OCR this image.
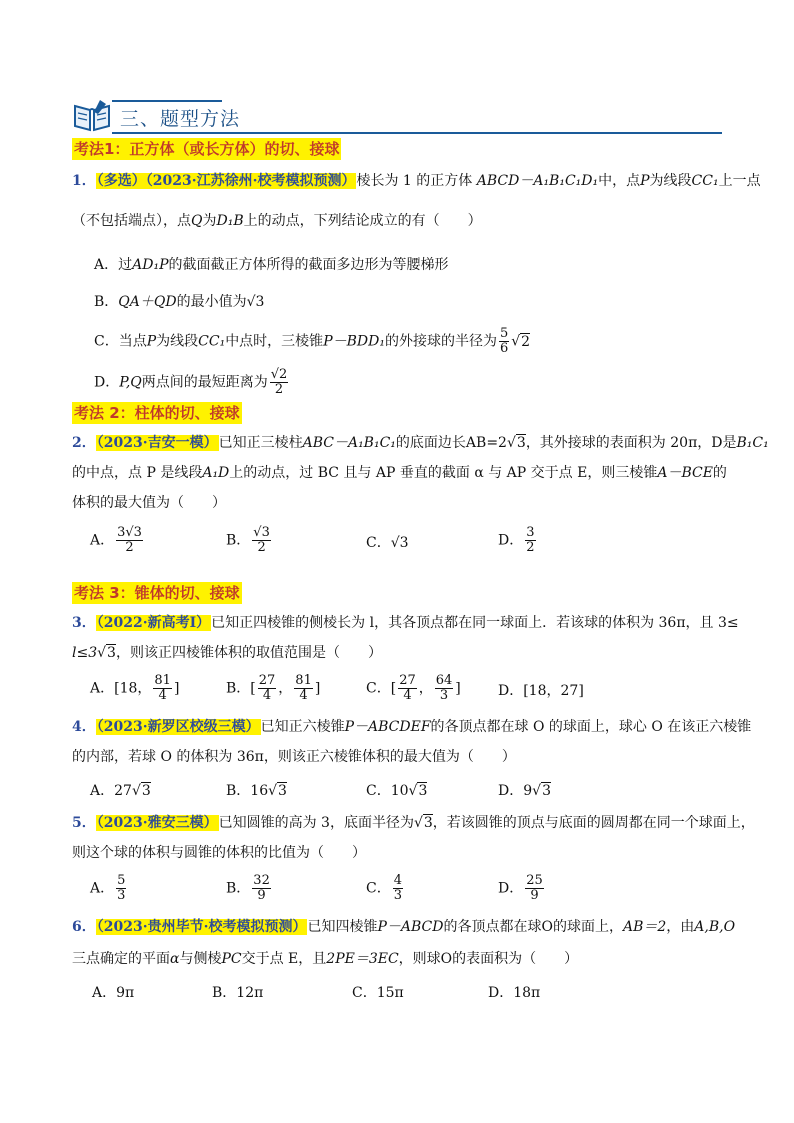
三、题型方法
考法1：正方体（或长方体）的切、接球
1．（多选）（2023·江苏徐州·校考模拟预测）棱长为 1 的正方体 ABCD－A₁B₁C₁D₁中，点P为线段CC₁上一点
（不包括端点），点Q为D₁B上的动点，下列结论成立的有（　　）
A．过AD₁P的截面截正方体所得的截面多边形为等腰梯形
B．QA＋QD的最小值为√3
C．当点P为线段CC₁中点时，三棱锥P－BDD₁的外接球的半径为 $\frac{5}{6} √2$
D．P,Q两点间的最短距离为 $\frac{√2}{2}$
考法 2：柱体的切、接球
2．（2023·吉安一模）已知正三棱柱ABC－A₁B₁C₁的底面边长AB=2√3，其外接球的表面积为 20π，D是B₁C₁
的中点，点 P 是线段A₁D上的动点，过 BC 且与 AP 垂直的截面 α 与 AP 交于点 E，则三棱锥A－BCE的
体积的最大值为（　　）
A． $\frac{3√3}{2}$	B． $\frac{√3}{2}$	C．√3	D． $\frac{3}{2}$
考法 3：锥体的切、接球
3．（2022·新高考Ⅰ）已知正四棱锥的侧棱长为 l，其各顶点都在同一球面上．若该球的体积为 36π，且 3≤
l≤3√3，则该正四棱锥体积的取值范围是（　　）
A．[18， $\frac{81}{4}$ ]	B．[ $\frac{27}{4}$ ， $\frac{81}{4}$ ]	C．[ $\frac{27}{4}$ ， $\frac{64}{3}$ ]	D．[18，27]
4．（2023·新罗区校级三模）已知正六棱锥P－ABCDEF的各顶点都在球 O 的球面上，球心 O 在该正六棱锥
的内部，若球 O 的体积为 36π，则该正六棱锥体积的最大值为（　　）
A．27√3	B．16√3	C．10√3	D．9√3
5．（2023·雅安三模）已知圆锥的高为 3，底面半径为√3，若该圆锥的顶点与底面的圆周都在同一个球面上，
则这个球的体积与圆锥的体积的比值为（　　）
A． $\frac{5}{3}$	B． $\frac{32}{9}$	C． $\frac{4}{3}$	D． $\frac{25}{9}$
6．（2023·贵州毕节·校考模拟预测）已知四棱锥P－ABCD的各顶点都在球O的球面上，AB＝2，由A,B,O
三点确定的平面α与侧棱PC交于点 E，且2PE＝3EC，则球O的表面积为（　　）
A．9π	B．12π	C．15π	D．18π
